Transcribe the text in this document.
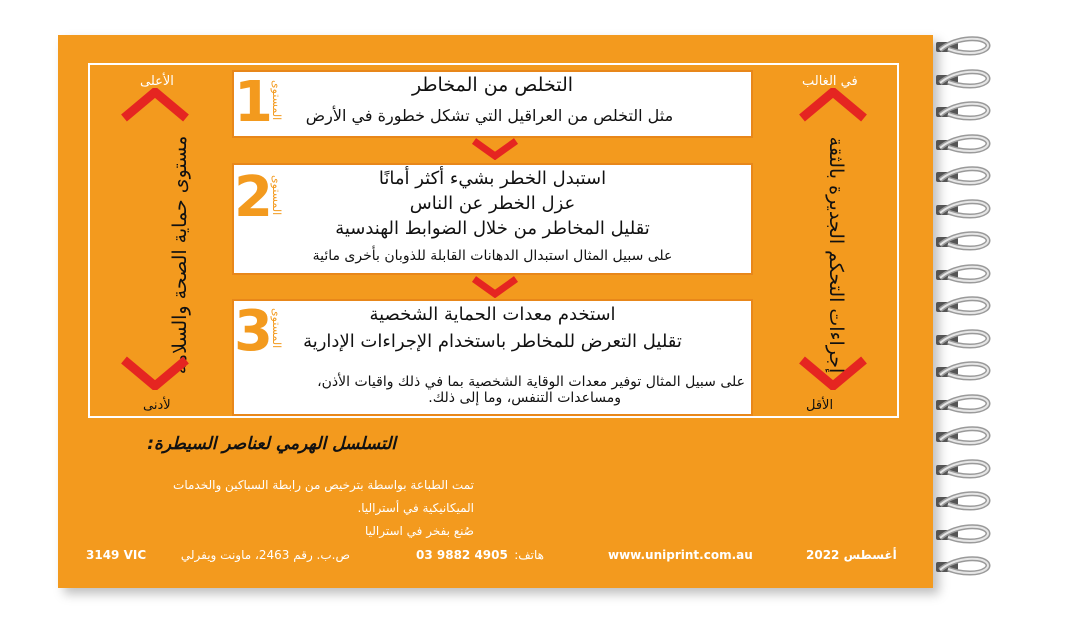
الأعلى
مستوى حماية الصحة والسلامة
لأدنى
في الغالب
إجراءات التحكم الجديرة بالثقة
الأقل
التخلص من المخاطر
مثل التخلص من العراقيل التي تشكل خطورة في الأرض
1
المستوى
استبدل الخطر بشيء أكثر أمانًا
عزل الخطر عن الناس
تقليل المخاطر من خلال الضوابط الهندسية
على سبيل المثال استبدال الدهانات القابلة للذوبان بأخرى مائية
2
المستوى
استخدم معدات الحماية الشخصية
تقليل التعرض للمخاطر باستخدام الإجراءات الإدارية
على سبيل المثال توفير معدات الوقاية الشخصية بما في ذلك واقيات الأذن،
ومساعدات التنفس، وما إلى ذلك.
3
المستوى
التسلسل الهرمي لعناصر السيطرة:
تمت الطباعة بواسطة بترخيص من رابطة السباكين والخدمات
الميكانيكية في أستراليا.
صُنع بفخر في استراليا
3149 VIC	ص.ب. رقم 2463، ماونت ويفرلي	03 9882 4905 هاتف:	www.uniprint.com.au	أغسطس 2022
